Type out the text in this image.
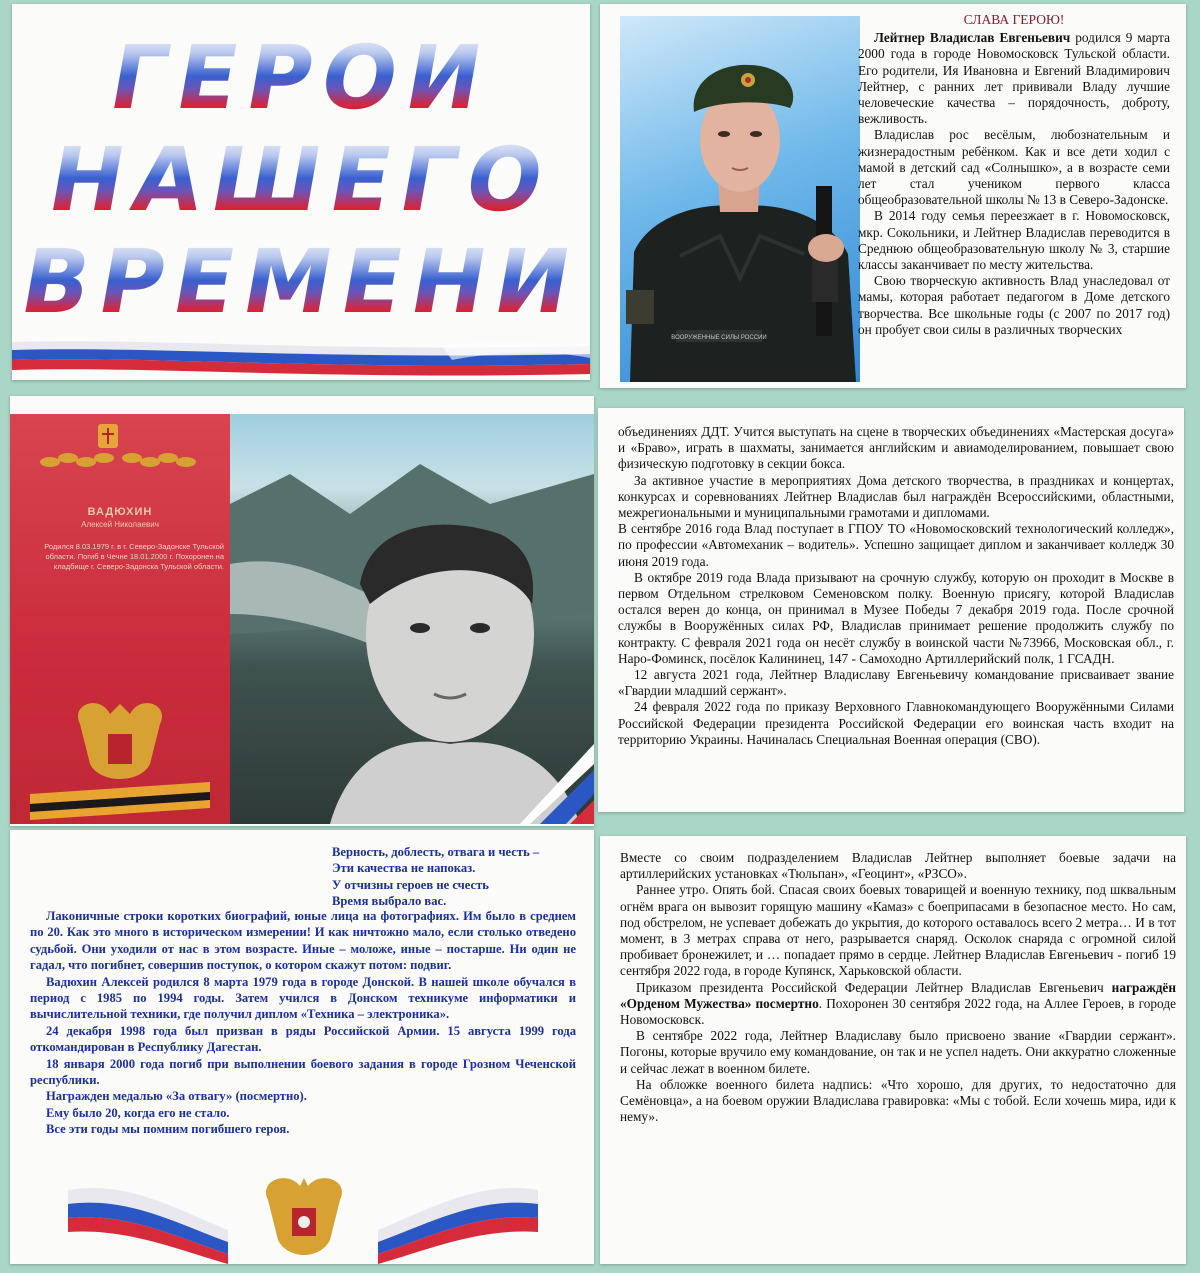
ГЕРОИ
НАШЕГО
ВРЕМЕНИ
ВООРУЖЕННЫЕ СИЛЫ РОССИИ
СЛАВА ГЕРОЮ!

Лейтнер Владислав Евгеньевич родился 9 марта 2000 года в городе Новомосковск Тульской области. Его родители, Ия Ивановна и Евгений Владимирович Лейтнер, с ранних лет прививали Владу лучшие человеческие качества – порядочность, доброту, вежливость.

Владислав рос весёлым, любознательным и жизнерадостным ребёнком. Как и все дети ходил с мамой в детский сад «Солнышко», а в возрасте семи лет стал учеником первого класса общеобразовательной школы № 13 в Северо-Задонске.

В 2014 году семья переезжает в г. Новомосковск, мкр. Сокольники, и Лейтнер Владислав переводится в Среднюю общеобразовательную школу № 3, старшие классы заканчивает по месту жительства.

Свою творческую активность Влад унаследовал от мамы, которая работает педагогом в Доме детского творчества. Все школьные годы (с 2007 по 2017 год) он пробует свои силы в различных творческих

объединениях ДДТ. Учится выступать на сцене в творческих объединениях «Мастерская досуга» и «Браво», играть в шахматы, занимается английским и авиамоделированием, повышает свою физическую подготовку в секции бокса.

За активное участие в мероприятиях Дома детского творчества, в праздниках и концертах, конкурсах и соревнованиях Лейтнер Владислав был награждён Всероссийскими, областными, межрегиональными и муниципальными грамотами и дипломами.

В сентябре 2016 года Влад поступает в ГПОУ ТО «Новомосковский технологический колледж», по профессии «Автомеханик – водитель». Успешно защищает диплом и заканчивает колледж 30 июня 2019 года.

В октябре 2019 года Влада призывают на срочную службу, которую он проходит в Москве в первом Отдельном стрелковом Семеновском полку. Военную присягу, которой Владислав остался верен до конца, он принимал в Музее Победы 7 декабря 2019 года. После срочной службы в Вооружённых силах РФ, Владислав принимает решение продолжить службу по контракту. С февраля 2021 года он несёт службу в воинской части №73966, Московская обл., г. Наро-Фоминск, посёлок Калининец, 147 - Самоходно Артиллерийский полк, 1 ГСАДН.

12 августа 2021 года, Лейтнер Владиславу Евгеньевичу командование присваивает звание «Гвардии младший сержант».

24 февраля 2022 года по приказу Верховного Главнокомандующего Вооружёнными Силами Российской Федерации президента Российской Федерации его воинская часть входит на территорию Украины. Начиналась Специальная Военная операция (СВО).

Вместе со своим подразделением Владислав Лейтнер выполняет боевые задачи на артиллерийских установках «Тюльпан», «Геоцинт», «РЗСО».

Раннее утро. Опять бой. Спасая своих боевых товарищей и военную технику, под шквальным огнём врага он вывозит горящую машину «Камаз» с боеприпасами в безопасное место. Но сам, под обстрелом, не успевает добежать до укрытия, до которого оставалось всего 2 метра… И в тот момент, в 3 метрах справа от него, разрывается снаряд. Осколок снаряда с огромной силой пробивает бронежилет, и … попадает прямо в сердце. Лейтнер Владислав Евгеньевич - погиб 19 сентября 2022 года, в городе Купянск, Харьковской области.

Приказом президента Российской Федерации Лейтнер Владислав Евгеньевич награждён «Орденом Мужества» посмертно. Похоронен 30 сентября 2022 года, на Аллее Героев, в городе Новомосковск.

В сентябре 2022 года, Лейтнер Владиславу было присвоено звание «Гвардии сержант». Погоны, которые вручило ему командование, он так и не успел надеть. Они аккуратно сложенные и сейчас лежат в военном билете.

На обложке военного билета надпись: «Что хорошо, для других, то недостаточно для Семёновца», а на боевом оружии Владислава гравировка: «Мы с тобой. Если хочешь мира, иди к нему».

ВАДЮХИН
Алексей Николаевич
Родился 8.03.1979 г. в г. Северо-Задонске Тульской области. Погиб в Чечне 18.01.2000 г. Похоронен на кладбище г. Северо-Задонска Тульской области.
Верность, доблесть, отвага и честь –
Эти качества не напоказ.
У отчизны героев не счесть
Время выбрало вас.

Лаконичные строки коротких биографий, юные лица на фотографиях. Им было в среднем по 20. Как это много в историческом измерении! И как ничтожно мало, если столько отведено судьбой. Они уходили от нас в этом возрасте. Иные – моложе, иные – постарше. Ни один не гадал, что погибнет, совершив поступок, о котором скажут потом: подвиг.

Вадюхин Алексей родился 8 марта 1979 года в городе Донской. В нашей школе обучался в период с 1985 по 1994 годы. Затем учился в Донском техникуме информатики и вычислительной техники, где получил диплом «Техника – электроника».

24 декабря 1998 года был призван в ряды Российской Армии. 15 августа 1999 года откомандирован в Республику Дагестан.

18 января 2000 года погиб при выполнении боевого задания в городе Грозном Чеченской республики.

Награжден медалью «За отвагу» (посмертно).

Ему было 20, когда его не стало.

Все эти годы мы помним погибшего героя.
